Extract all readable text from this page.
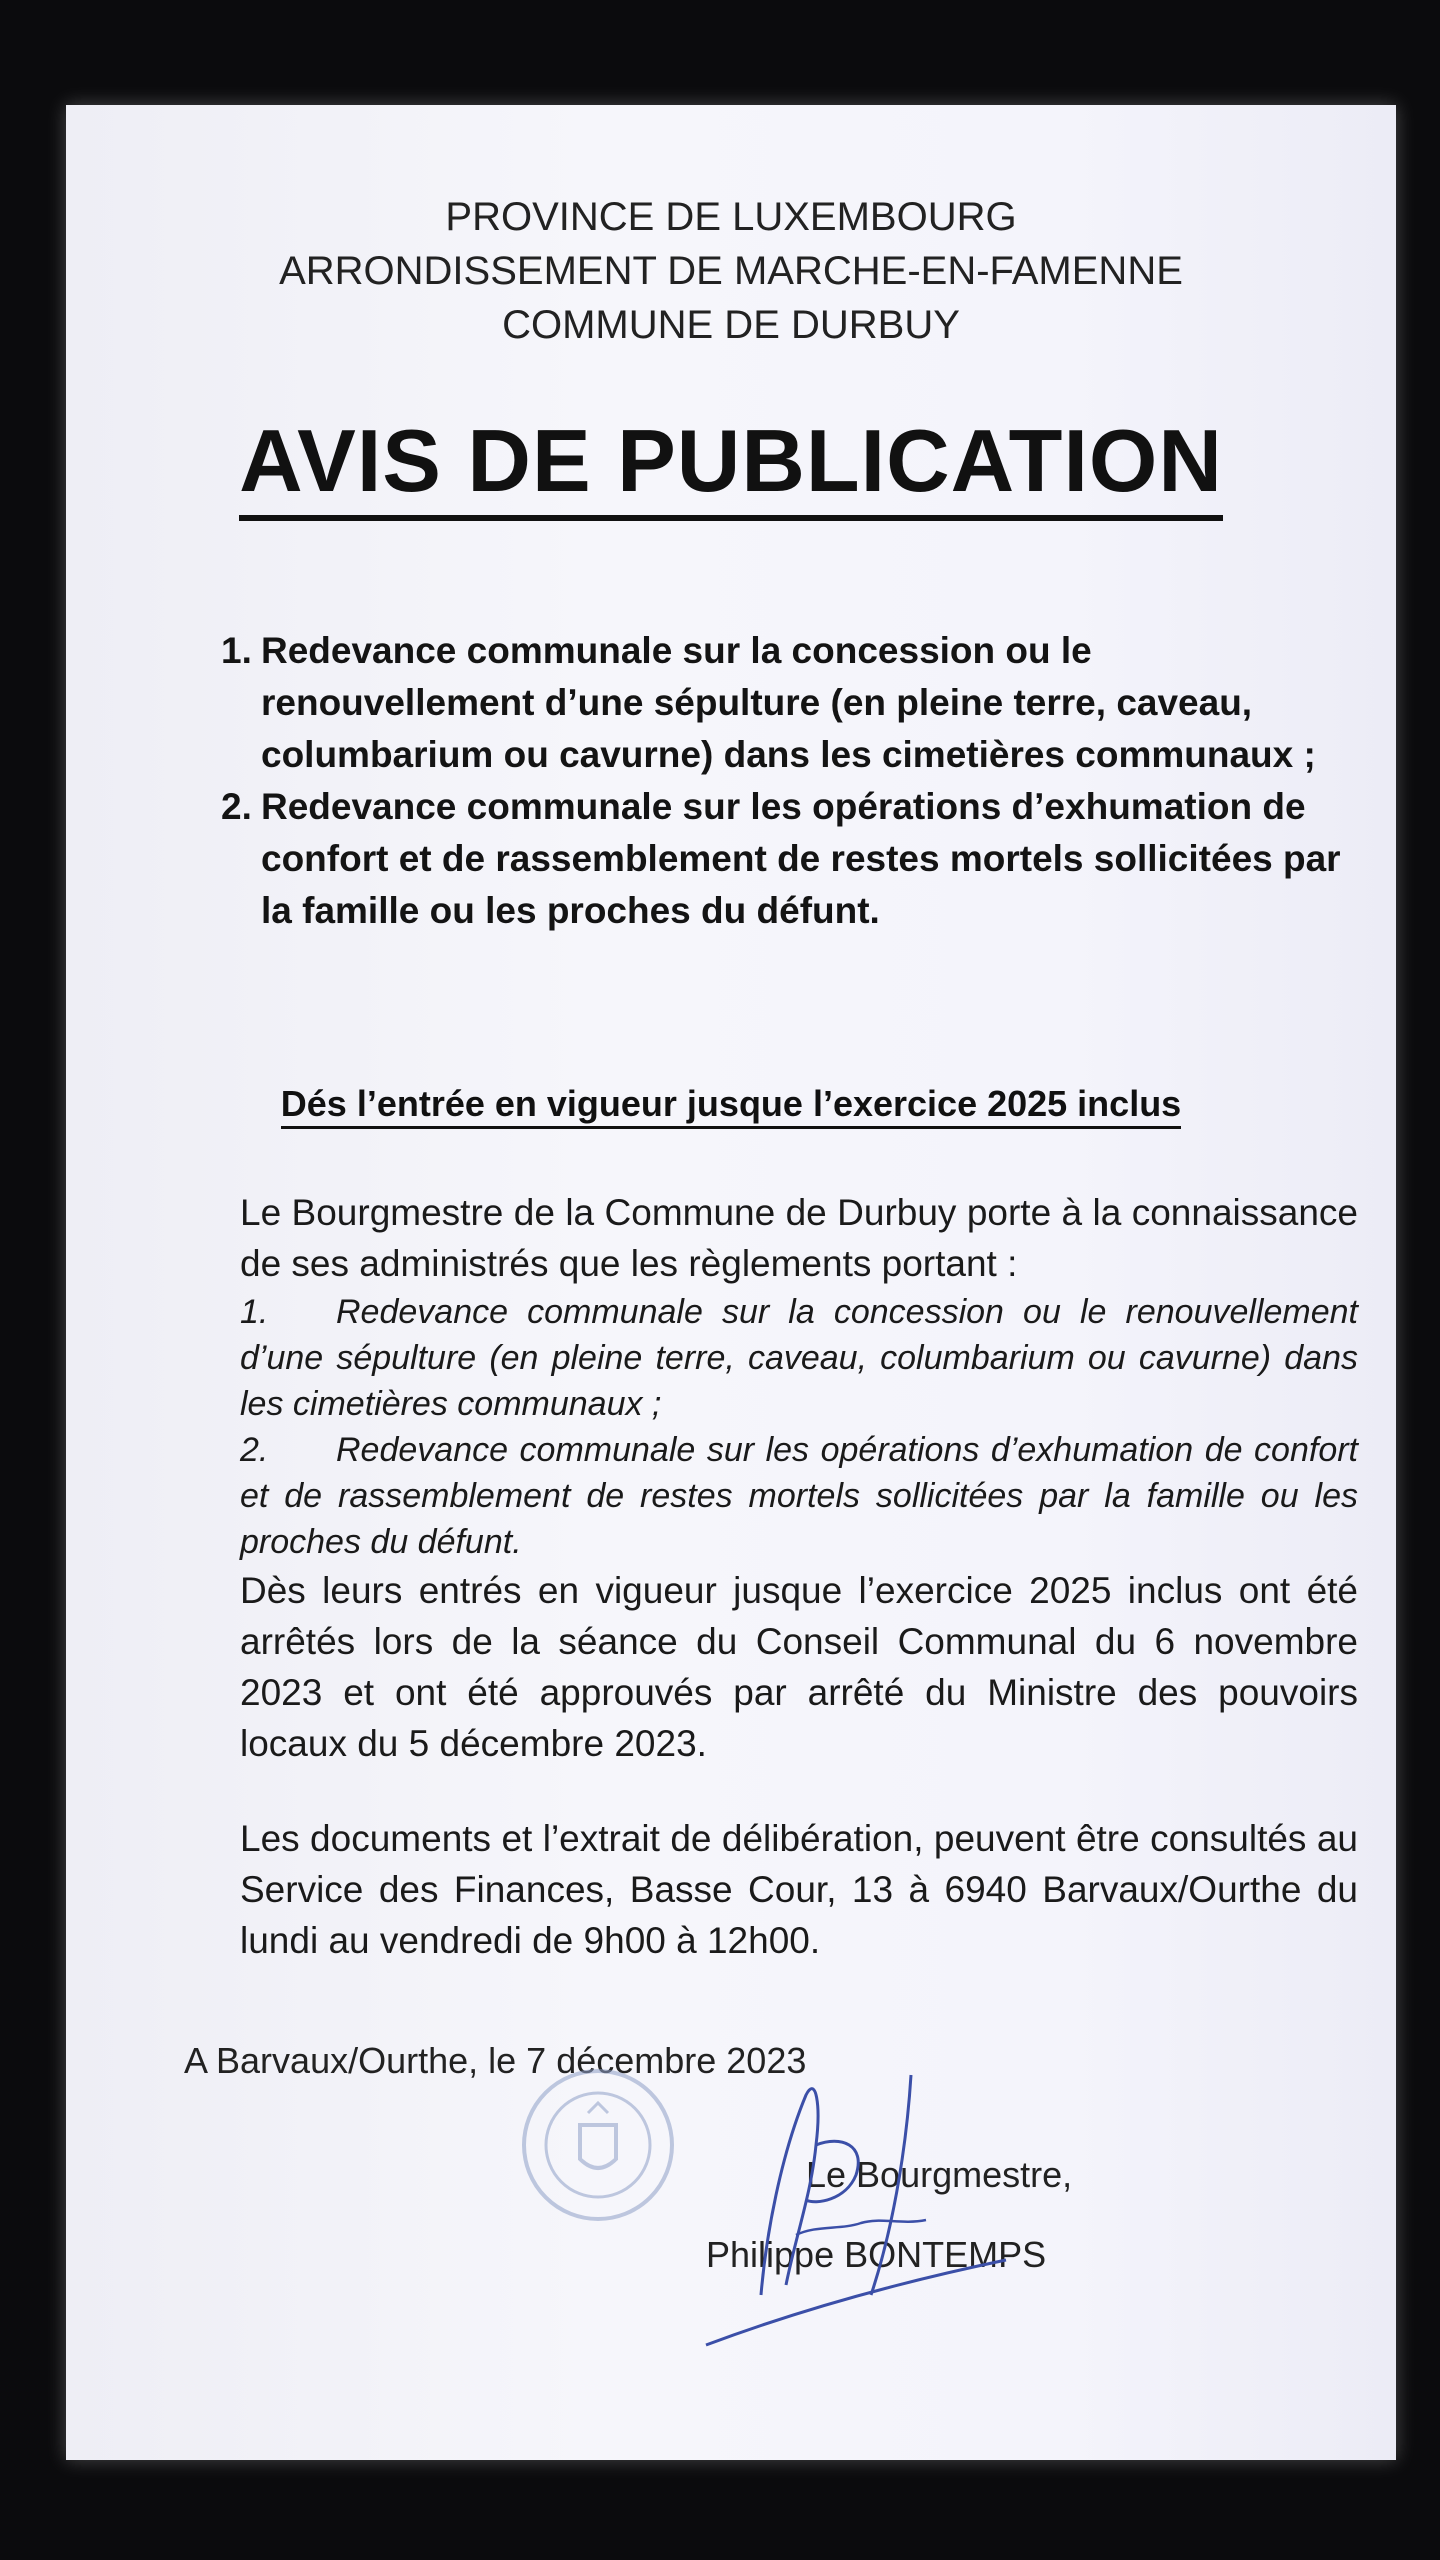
PROVINCE DE LUXEMBOURG
ARRONDISSEMENT DE MARCHE-EN-FAMENNE
COMMUNE DE DURBUY
AVIS DE PUBLICATION
1. Redevance communale sur la concession ou le renouvellement d’une sépulture (en pleine terre, caveau, columbarium ou cavurne) dans les cimetières communaux ;
2. Redevance communale sur les opérations d’exhumation de confort et de rassemblement de restes mortels sollicitées par la famille ou les proches du défunt.
Dés l’entrée en vigueur jusque l’exercice 2025 inclus
Le Bourgmestre de la Commune de Durbuy porte à la connaissance de ses administrés que les règlements portant :
1. Redevance communale sur la concession ou le renouvellement d’une sépulture (en pleine terre, caveau, columbarium ou cavurne) dans les cimetières communaux ;
2. Redevance communale sur les opérations d’exhumation de confort et de rassemblement de restes mortels sollicitées par la famille ou les proches du défunt.
Dès leurs entrés en vigueur jusque l’exercice 2025 inclus ont été arrêtés lors de la séance du Conseil Communal du 6 novembre 2023 et ont été approuvés par arrêté du Ministre des pouvoirs locaux du 5 décembre 2023.
Les documents et l’extrait de délibération, peuvent être consultés au Service des Finances, Basse Cour, 13 à 6940 Barvaux/Ourthe du lundi au vendredi de 9h00 à 12h00.
A Barvaux/Ourthe, le 7 décembre 2023
Le Bourgmestre,
Philippe BONTEMPS
